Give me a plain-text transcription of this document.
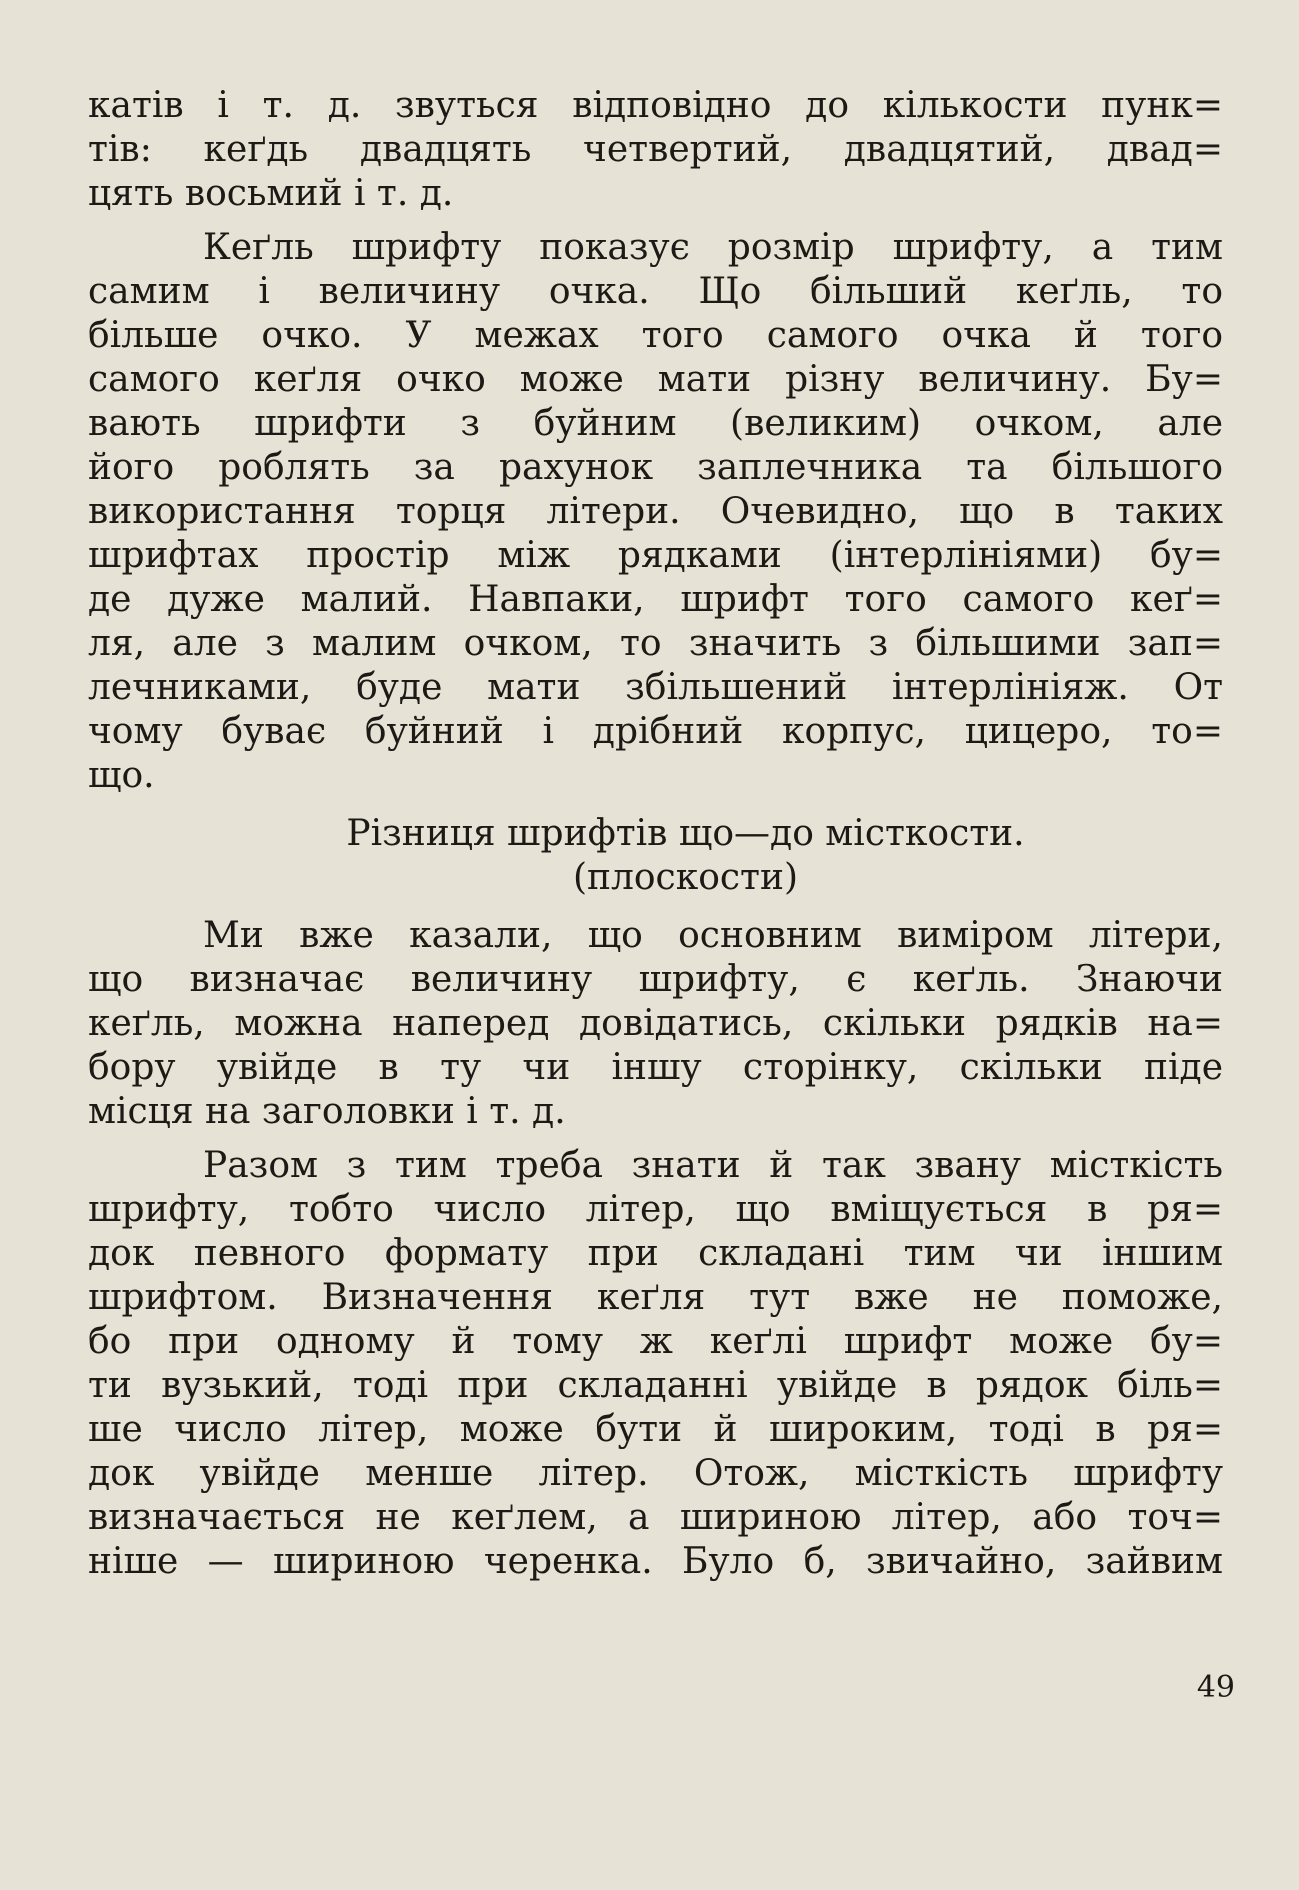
катів і т. д. звуться відповідно до кількости пунк=
тів: кеґдь двадцять четвертий, двадцятий, двад=
цять восьмий і т. д.
Кеґль шрифту показує розмір шрифту, а тим
самим і величину очка. Що більший кеґль, то
більше очко. У межах того самого очка й того
самого кеґля очко може мати різну величину. Бу=
вають шрифти з буйним (великим) очком, але
його роблять за рахунок заплечника та більшого
використання торця літери. Очевидно, що в таких
шрифтах простір між рядками (інтерлініями) бу=
де дуже малий. Навпаки, шрифт того самого кеґ=
ля, але з малим очком, то значить з більшими зап=
лечниками, буде мати збільшений інтерлініяж. От
чому буває буйний і дрібний корпус, цицеро, то=
що.
Різниця шрифтів що—до місткости.
(плоскости)
Ми вже казали, що основним виміром літери,
що визначає величину шрифту, є кеґль. Знаючи
кеґль, можна наперед довідатись, скільки рядків на=
бору увійде в ту чи іншу сторінку, скільки піде
місця на заголовки і т. д.
Разом з тим треба знати й так звану місткість
шрифту, тобто число літер, що вміщується в ря=
док певного формату при складані тим чи іншим
шрифтом. Визначення кеґля тут вже не поможе,
бо при одному й тому ж кеґлі шрифт може бу=
ти вузький, тоді при складанні увійде в рядок біль=
ше число літер, може бути й широким, тоді в ря=
док увійде менше літер. Отож, місткість шрифту
визначається не кеґлем, а шириною літер, або точ=
ніше — шириною черенка. Було б, звичайно, зайвим
49
